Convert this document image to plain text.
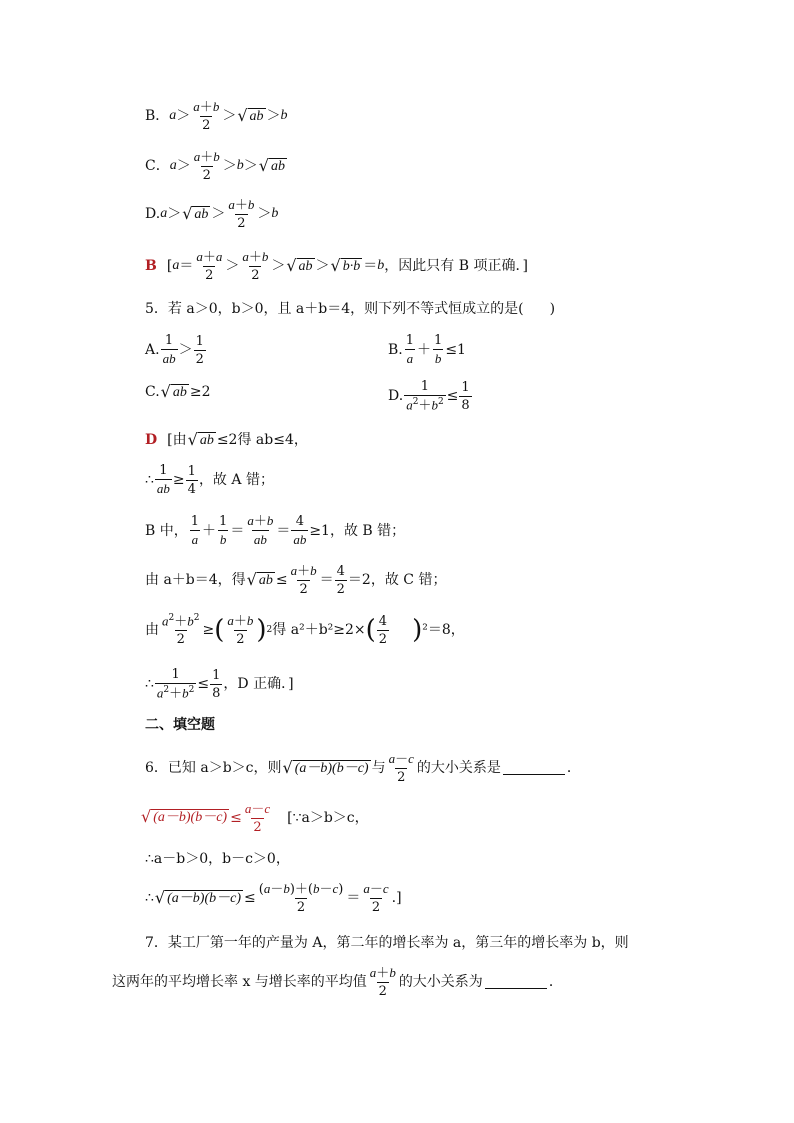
B． $a > \frac{a+b}{2}$ ＞ √ ab ＞ b
C． $a > \frac{a+b}{2} > b$ ＞ √ ab
D. a ＞ √ ab ＞ $\frac{a+b}{2} > b$
B [ $a = \frac{a+a}{2} > \frac{a+b}{2}$ ＞ √ ab ＞ √ b·b ＝ b ，因此只有 B 项正确．]
5．若 a＞0，b＞0，且 a＋b＝4，则下列不等式恒成立的是( )
A. $\frac{1}{ab} > \frac{1}{2}$	B. $\frac{1}{a} + \frac{1}{b} \le 1$
C. √ ab ≥2	D. $\frac{1}{a^2+b^2} \le \frac{1}{8}$
D [由 √ ab ≤2 得 ab≤4，
∴ $\frac{1}{ab} \ge \frac{1}{4}$ ，故 A 错；
B 中， $\frac{1}{a} + \frac{1}{b} = \frac{a+b}{ab} = \frac{4}{ab} \ge 1$，故 B 错；
由 a＋b＝4，得 √ ab ≤ $\frac{a+b}{2} = \frac{4}{2} =2$ ，故 C 错；
由 $\frac{a^2+b^2}{2}$ ≥ ( $\frac{a+b}{2}$ ) 2 得 a²＋b²≥2× ( $\frac{4}{2}$ ) ²＝8，
∴ $\frac{1}{a^2+b^2} \le \frac{1}{8}$ ，D 正确．]
二、填空题
6．已知 a＞b＞c，则 √ (a－b)(b－c) 与 $\frac{a-c}{2}$ 的大小关系是	．
√ $(a-b)(b-c) \le \frac{a-c}{2}$ [∵a＞b＞c，
∴a－b＞0，b－c＞0，
∴ √ $(a-b)(b-c) \le \frac{(a-b)+(b-c)}{2} = \frac{a-c}{2}$ .]
7．某工厂第一年的产量为 A，第二年的增长率为 a，第三年的增长率为 b，则
这两年的平均增长率 x 与增长率的平均值 $\frac{a+b}{2}$ 的大小关系为	．
